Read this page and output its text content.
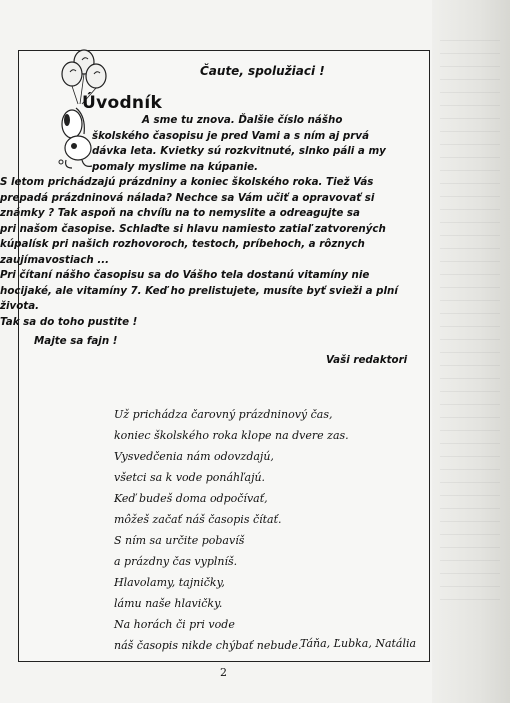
Čaute, spolužiaci !
Úvodník
A sme tu znova. Ďalšie číslo nášho
školského časopisu je pred Vami a s ním aj prvá
dávka leta. Kvietky sú rozkvitnuté, slnko páli a my
pomaly myslime na kúpanie.
S letom prichádzajú prázdniny a koniec školského roka. Tiež Vás
prepadá prázdninová nálada? Nechce sa Vám učiť a opravovať si
známky ? Tak aspoň na chvíľu na to nemyslite a odreagujte sa
pri našom časopise. Schlaďte si hlavu namiesto zatiaľ zatvorených
kúpalísk pri našich rozhovoroch, testoch, príbehoch, a rôznych
zaujímavostiach ...
Pri čítaní nášho časopisu sa do Vášho tela dostanú vitamíny nie
hocijaké, ale vitamíny 7. Keď ho prelistujete, musíte byť svieži a plní
života.
Tak sa do toho pustite !
Majte sa fajn !
Vaši redaktori
Už prichádza čarovný prázdninový čas,
koniec školského roka klope na dvere zas.
Vysvedčenia nám odovzdajú,
všetci sa k vode ponáhľajú.
Keď budeš doma odpočívať,
môžeš začať náš časopis čítať.
S ním sa určite pobavíš
a prázdny čas vyplníš.
Hlavolamy, tajničky,
lámu naše hlavičky.
Na horách či pri vode
náš časopis nikde chýbať nebude.
Táňa, Ľubka, Natália
2
